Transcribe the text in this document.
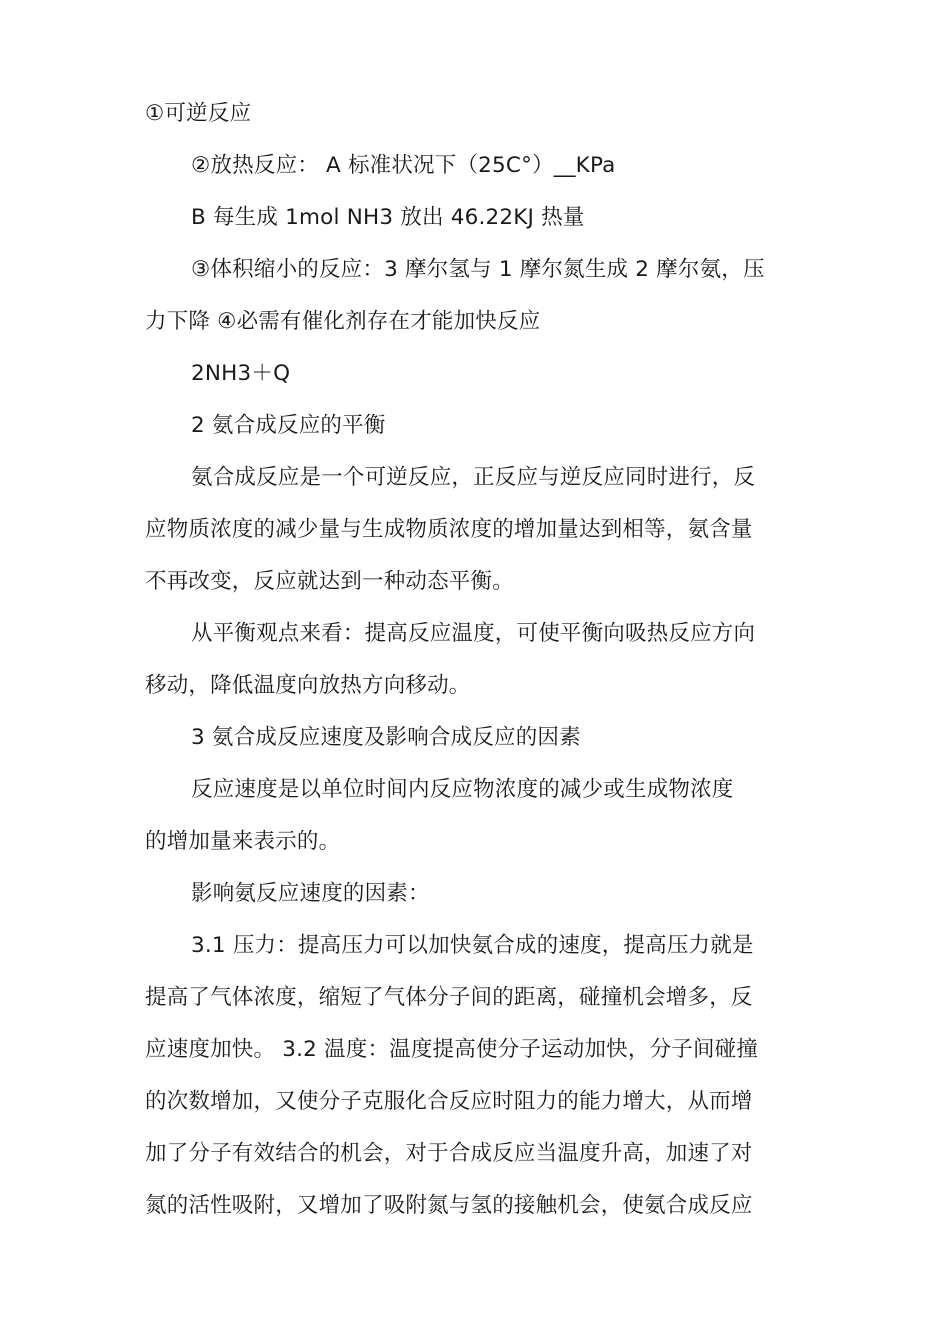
①可逆反应
②放热反应： A 标准状况下（25C°）__KPa
B 每生成 1mol NH3 放出 46.22KJ 热量
③体积缩小的反应：3 摩尔氢与 1 摩尔氮生成 2 摩尔氨，压
力下降 ④必需有催化剂存在才能加快反应
2NH3＋Q
2 氨合成反应的平衡
氨合成反应是一个可逆反应，正反应与逆反应同时进行，反
应物质浓度的减少量与生成物质浓度的增加量达到相等，氨含量
不再改变，反应就达到一种动态平衡。
从平衡观点来看：提高反应温度，可使平衡向吸热反应方向
移动，降低温度向放热方向移动。
3 氨合成反应速度及影响合成反应的因素
反应速度是以单位时间内反应物浓度的减少或生成物浓度
的增加量来表示的。
影响氨反应速度的因素：
3.1 压力：提高压力可以加快氨合成的速度，提高压力就是
提高了气体浓度，缩短了气体分子间的距离，碰撞机会增多，反
应速度加快。 3.2 温度：温度提高使分子运动加快，分子间碰撞
的次数增加，又使分子克服化合反应时阻力的能力增大，从而增
加了分子有效结合的机会，对于合成反应当温度升高，加速了对
氮的活性吸附，又增加了吸附氮与氢的接触机会，使氨合成反应
